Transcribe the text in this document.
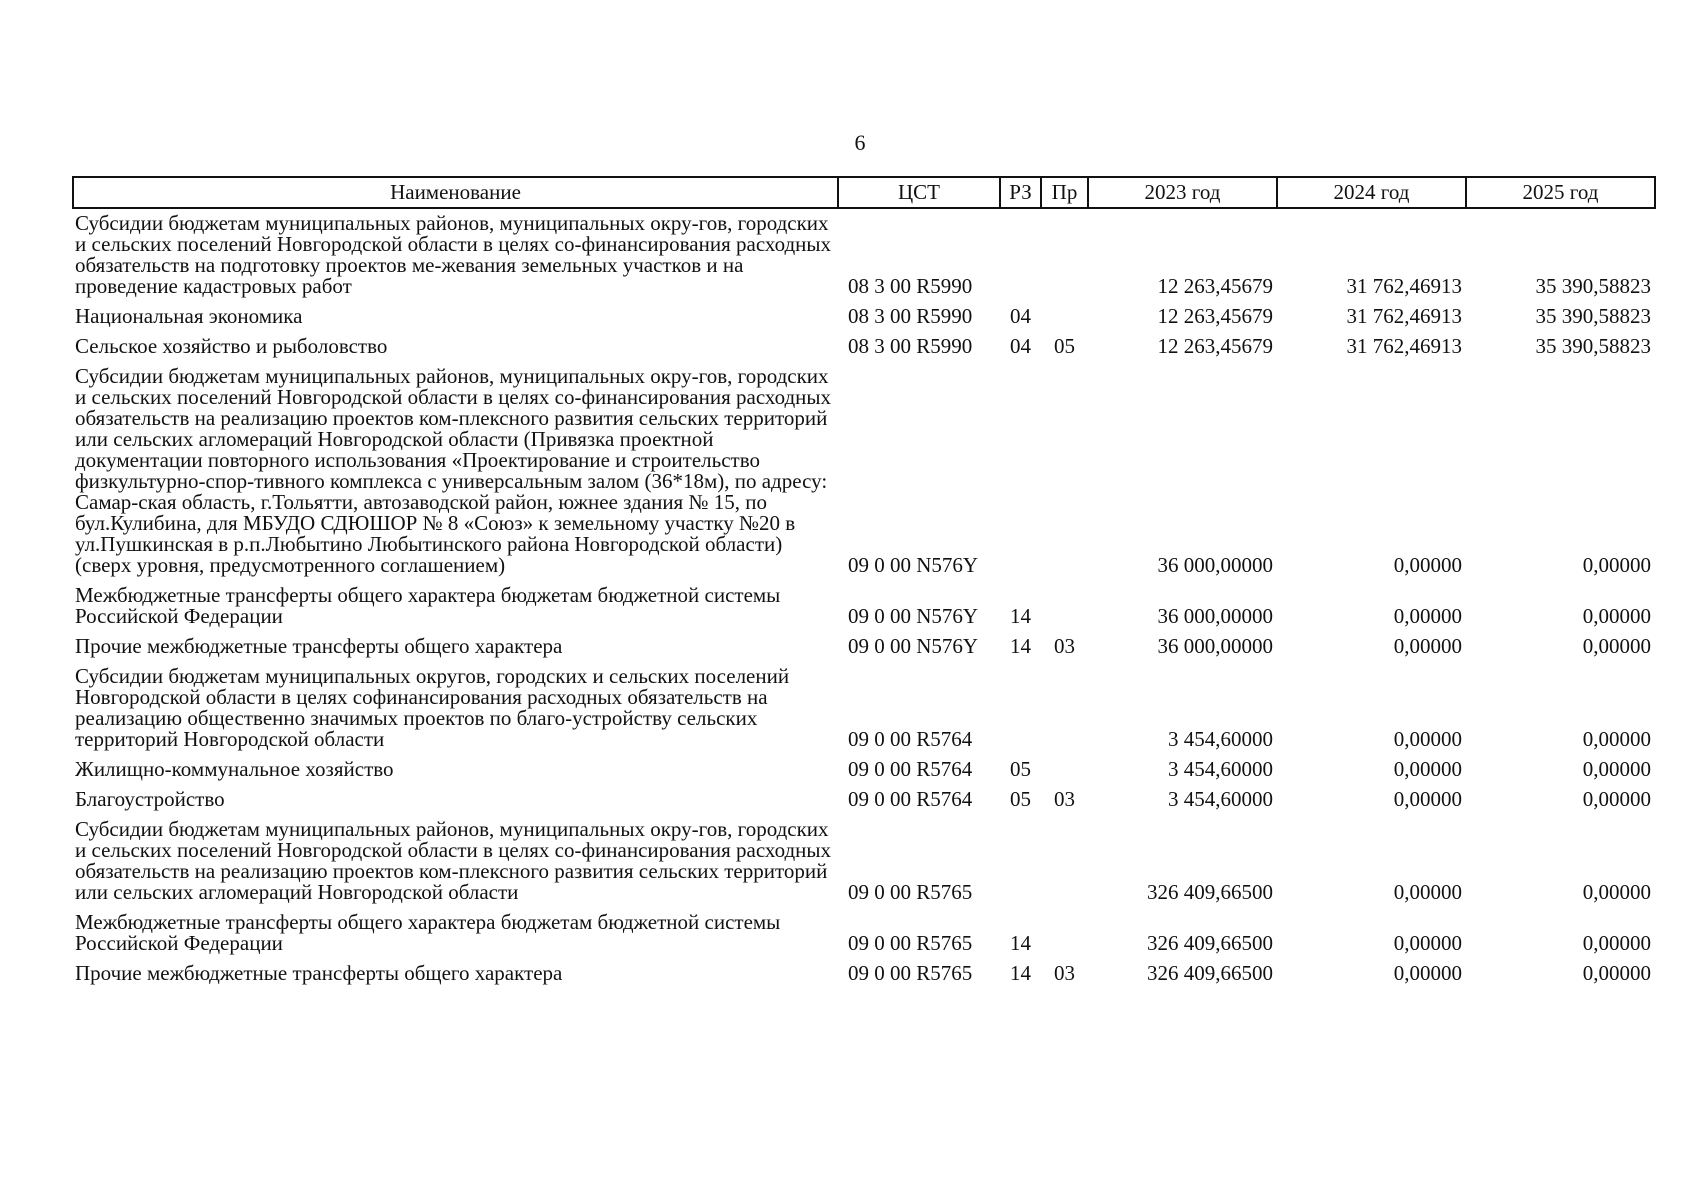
6
Наименование	ЦСТ	РЗ	Пр	2023 год	2024 год	2025 год
Субсидии бюджетам муниципальных районов, муниципальных окру-гов, городских и сельских поселений Новгородской области в целях со-финансирования расходных обязательств на подготовку проектов ме-жевания земельных участков и на проведение кадастровых работ	08 3 00 R5990			12 263,45679	31 762,46913	35 390,58823
Национальная экономика	08 3 00 R5990	04		12 263,45679	31 762,46913	35 390,58823
Сельское хозяйство и рыболовство	08 3 00 R5990	04	05	12 263,45679	31 762,46913	35 390,58823
Субсидии бюджетам муниципальных районов, муниципальных окру-гов, городских и сельских поселений Новгородской области в целях со-финансирования расходных обязательств на реализацию проектов ком-плексного развития сельских территорий или сельских агломераций Новгородской области (Привязка проектной документации повторного использования «Проектирование и строительство физкультурно-спор-тивного комплекса с универсальным залом (36*18м), по адресу: Самар-ская область, г.Тольятти, автозаводской район, южнее здания № 15, по бул.Кулибина, для МБУДО СДЮШОР № 8 «Союз» к земельному участку №20 в ул.Пушкинская в р.п.Любытино Любытинского района Новгородской области) (сверх уровня, предусмотренного соглашением)	09 0 00 N576Y			36 000,00000	0,00000	0,00000
Межбюджетные трансферты общего характера бюджетам бюджетной системы Российской Федерации	09 0 00 N576Y	14		36 000,00000	0,00000	0,00000
Прочие межбюджетные трансферты общего характера	09 0 00 N576Y	14	03	36 000,00000	0,00000	0,00000
Субсидии бюджетам муниципальных округов, городских и сельских поселений Новгородской области в целях софинансирования расходных обязательств на реализацию общественно значимых проектов по благо-устройству сельских территорий Новгородской области	09 0 00 R5764			3 454,60000	0,00000	0,00000
Жилищно-коммунальное хозяйство	09 0 00 R5764	05		3 454,60000	0,00000	0,00000
Благоустройство	09 0 00 R5764	05	03	3 454,60000	0,00000	0,00000
Субсидии бюджетам муниципальных районов, муниципальных окру-гов, городских и сельских поселений Новгородской области в целях со-финансирования расходных обязательств на реализацию проектов ком-плексного развития сельских территорий или сельских агломераций Новгородской области	09 0 00 R5765			326 409,66500	0,00000	0,00000
Межбюджетные трансферты общего характера бюджетам бюджетной системы Российской Федерации	09 0 00 R5765	14		326 409,66500	0,00000	0,00000
Прочие межбюджетные трансферты общего характера	09 0 00 R5765	14	03	326 409,66500	0,00000	0,00000
